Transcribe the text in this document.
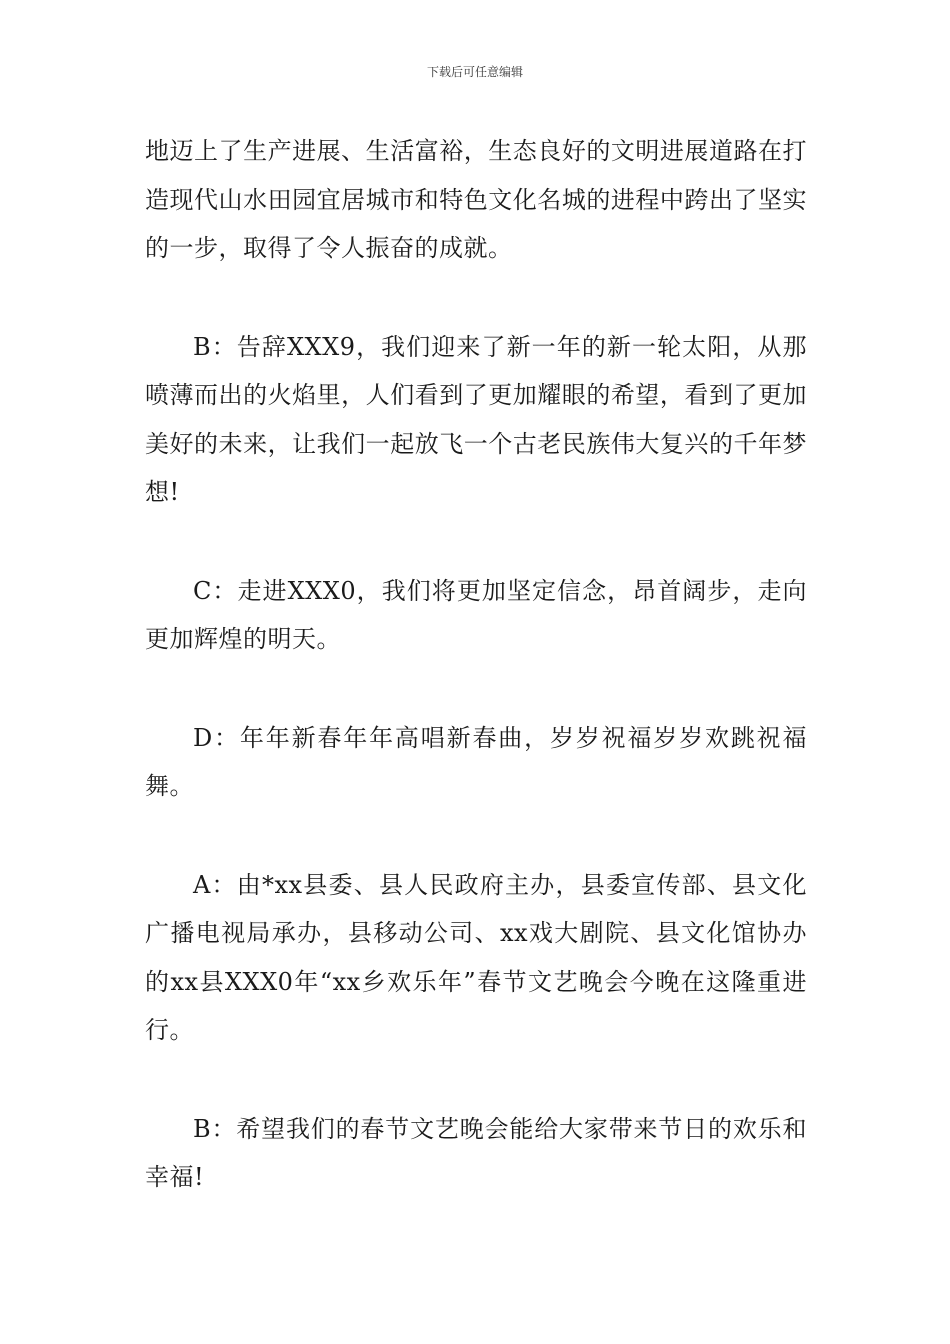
下载后可任意编辑

地迈上了生产进展、生活富裕，生态良好的文明进展道路在打造现代山水田园宜居城市和特色文化名城的进程中跨出了坚实的一步，取得了令人振奋的成就。

B：告辞XXX9，我们迎来了新一年的新一轮太阳，从那喷薄而出的火焰里，人们看到了更加耀眼的希望，看到了更加美好的未来，让我们一起放飞一个古老民族伟大复兴的千年梦想!

C：走进XXX0，我们将更加坚定信念，昂首阔步，走向更加辉煌的明天。

D：年年新春年年高唱新春曲，岁岁祝福岁岁欢跳祝福舞。

A：由*xx县委、县人民政府主办，县委宣传部、县文化广播电视局承办，县移动公司、xx戏大剧院、县文化馆协办的xx县XXX0年“xx乡欢乐年”春节文艺晚会今晚在这隆重进行。

B：希望我们的春节文艺晚会能给大家带来节日的欢乐和幸福!
